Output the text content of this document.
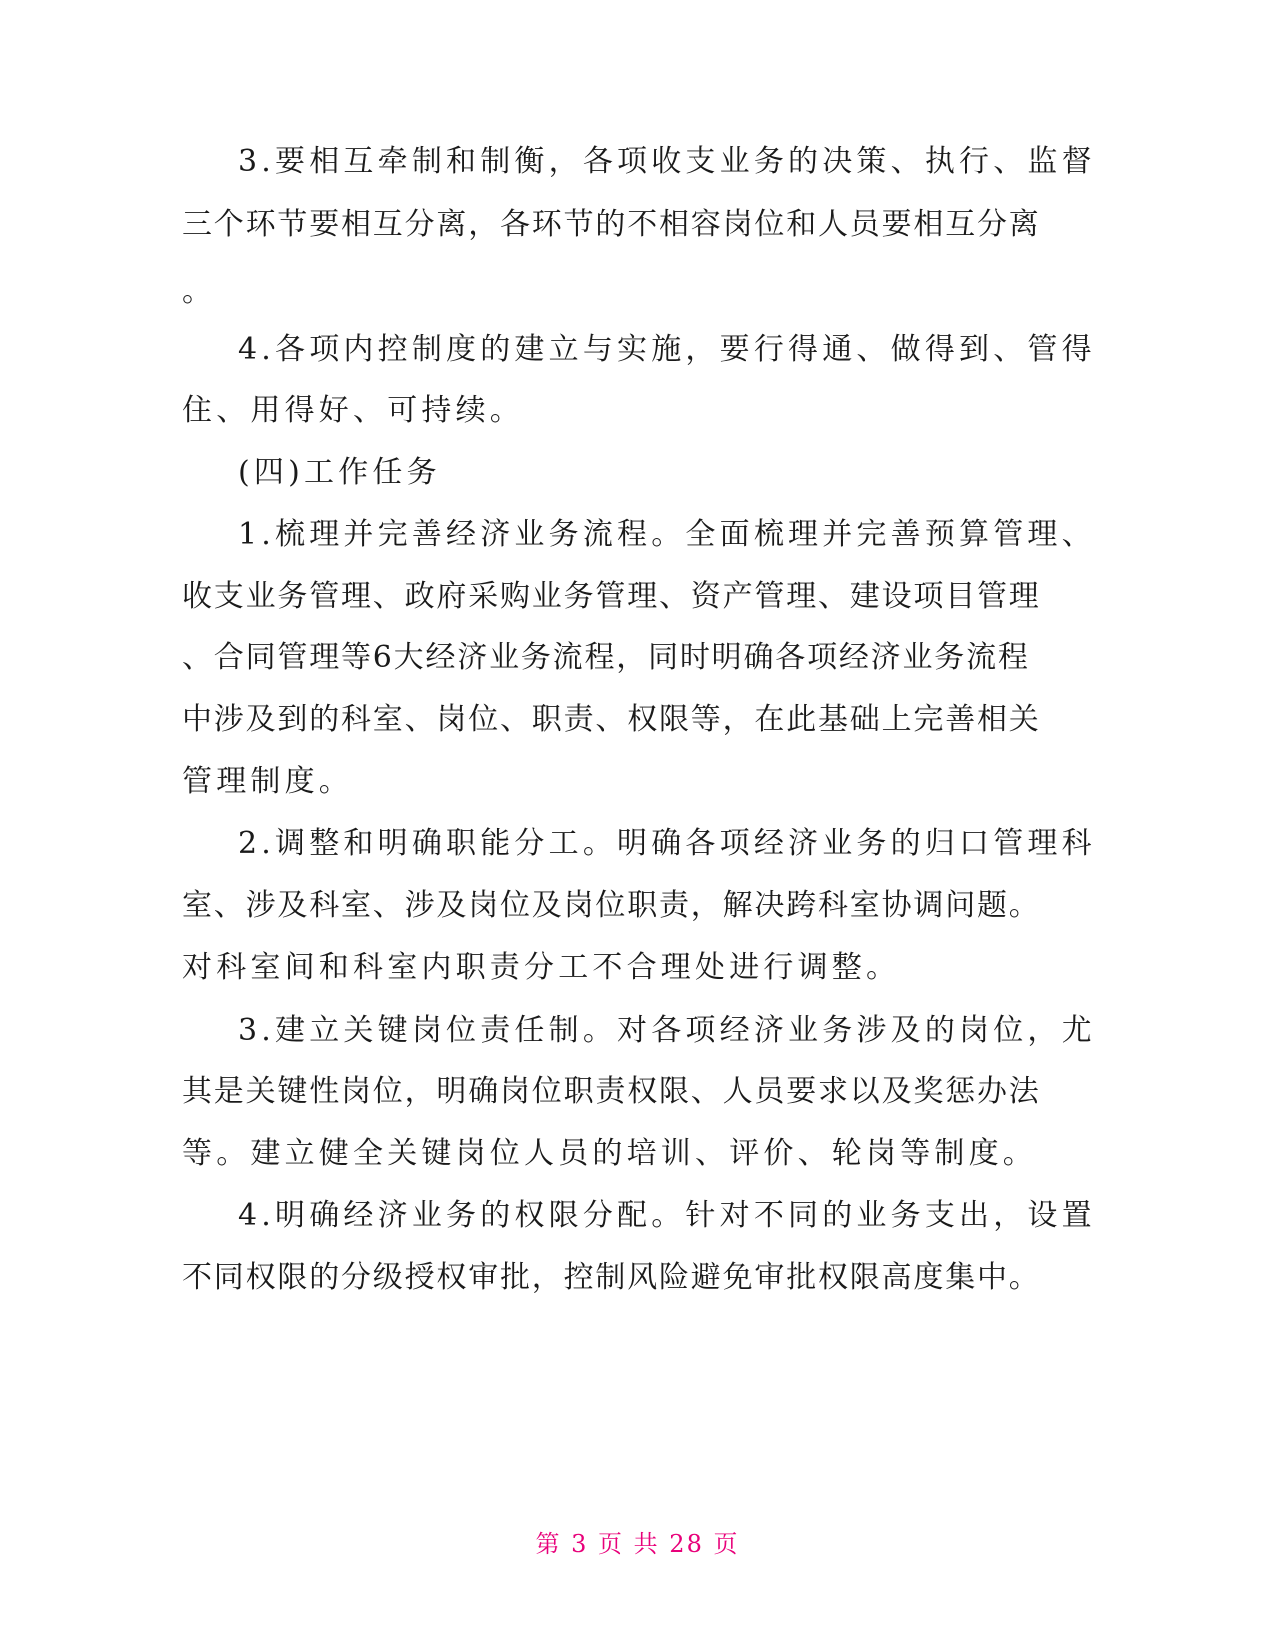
3.要相互牵制和制衡，各项收支业务的决策、执行、监督

三个环节要相互分离，各环节的不相容岗位和人员要相互分离

。

4.各项内控制度的建立与实施，要行得通、做得到、管得

住、用得好、可持续。

(四)工作任务

1.梳理并完善经济业务流程。全面梳理并完善预算管理、

收支业务管理、政府采购业务管理、资产管理、建设项目管理

、合同管理等6大经济业务流程，同时明确各项经济业务流程

中涉及到的科室、岗位、职责、权限等，在此基础上完善相关

管理制度。

2.调整和明确职能分工。明确各项经济业务的归口管理科

室、涉及科室、涉及岗位及岗位职责，解决跨科室协调问题。

对科室间和科室内职责分工不合理处进行调整。

3.建立关键岗位责任制。对各项经济业务涉及的岗位，尤

其是关键性岗位，明确岗位职责权限、人员要求以及奖惩办法

等。建立健全关键岗位人员的培训、评价、轮岗等制度。

4.明确经济业务的权限分配。针对不同的业务支出，设置

不同权限的分级授权审批，控制风险避免审批权限高度集中。

第 3 页 共 28 页
